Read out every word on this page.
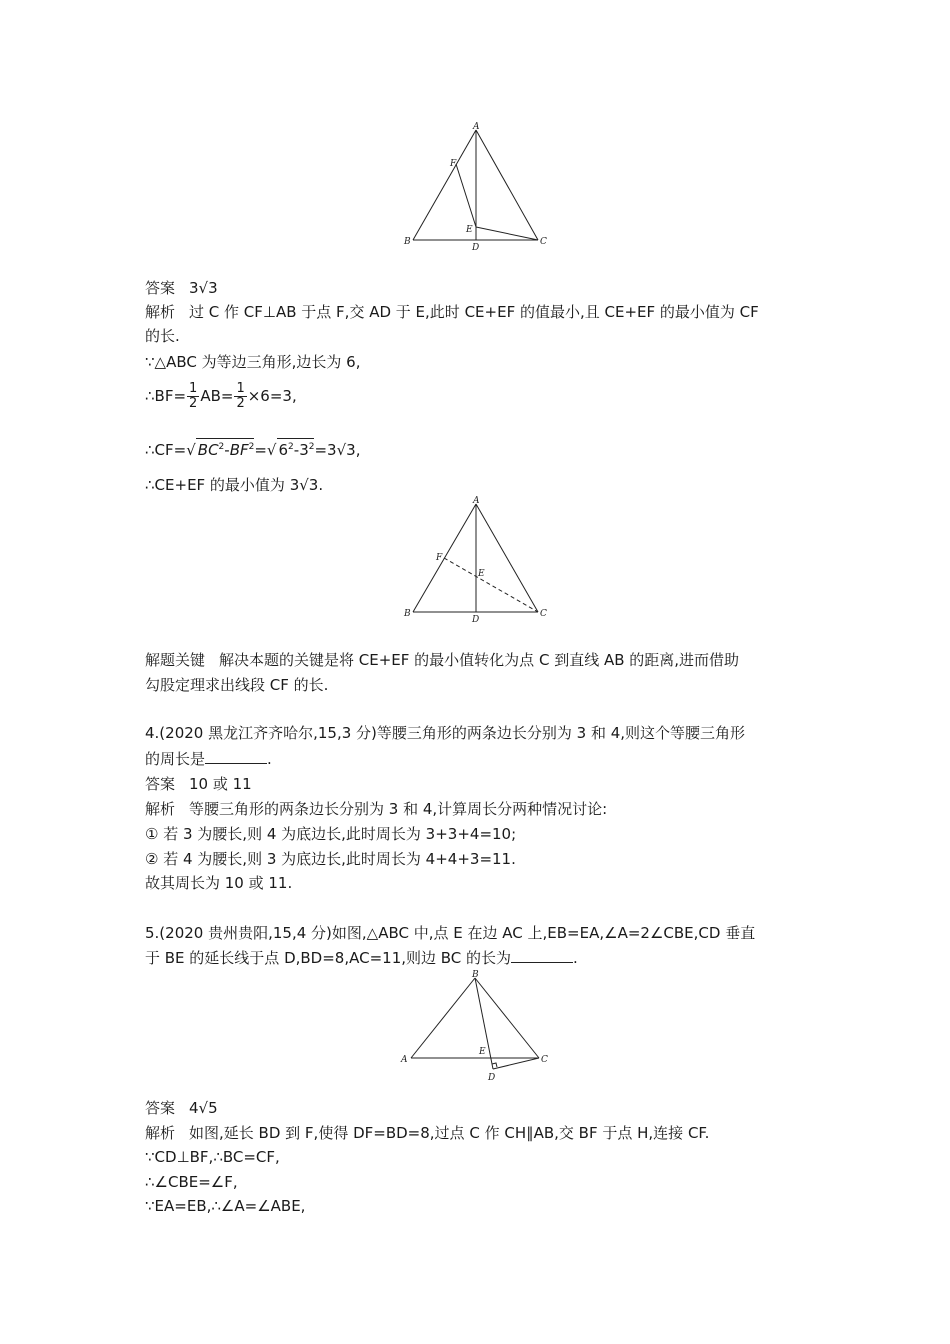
A
F
E
B
D
C
答案 3√3
解析 过 C 作 CF⊥AB 于点 F,交 AD 于 E,此时 CE+EF 的值最小,且 CE+EF 的最小值为 CF
的长.
∵△ABC 为等边三角形,边长为 6,
∴BF= $\frac{1}{2} AB= \frac{1}{2} \times 6=3$,
∴CF=√ $BC^2-BF^2=√$ $6^2-3^2=3√3$,
∴CE+EF 的最小值为 3√3.
A
F
E
B
D
C
解题关键 解决本题的关键是将 CE+EF 的最小值转化为点 C 到直线 AB 的距离,进而借助
勾股定理求出线段 CF 的长.
4.(2020 黑龙江齐齐哈尔,15,3 分)等腰三角形的两条边长分别为 3 和 4,则这个等腰三角形
的周长是	.
答案 10 或 11
解析 等腰三角形的两条边长分别为 3 和 4,计算周长分两种情况讨论:
① 若 3 为腰长,则 4 为底边长,此时周长为 3+3+4=10;
② 若 4 为腰长,则 3 为底边长,此时周长为 4+4+3=11.
故其周长为 10 或 11.
5.(2020 贵州贵阳,15,4 分)如图,△ABC 中,点 E 在边 AC 上,EB=EA,∠A=2∠CBE,CD 垂直
于 BE 的延长线于点 D,BD=8,AC=11,则边 BC 的长为	.
B
A
E
D
C
答案 4√5
解析 如图,延长 BD 到 F,使得 DF=BD=8,过点 C 作 CH∥AB,交 BF 于点 H,连接 CF.
∵CD⊥BF,∴BC=CF,
∴∠CBE=∠F,
∵EA=EB,∴∠A=∠ABE,
